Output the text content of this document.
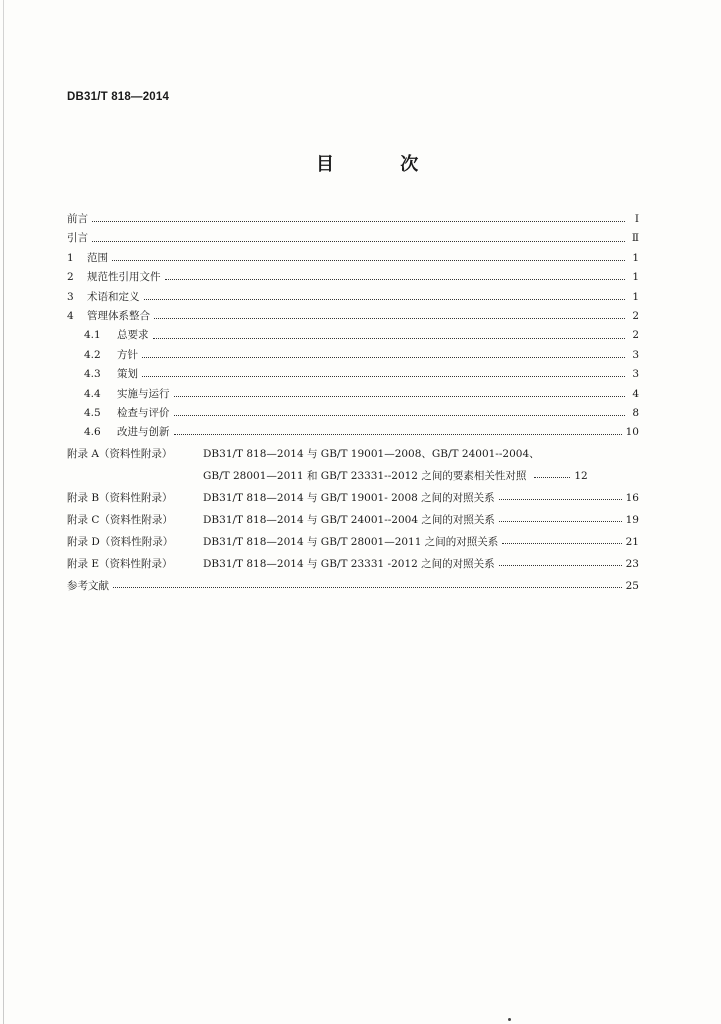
DB31/T 818—2014
目 次
前言	Ⅰ
引言	Ⅱ
1	范围	1
2	规范性引用文件	1
3	术语和定义	1
4	管理体系整合	2
4.1	总要求	2
4.2	方针	3
4.3	策划	3
4.4	实施与运行	4
4.5	检查与评价	8
4.6	改进与创新	10
附录 A（资料性附录）	DB31/T 818—2014 与 GB/T 19001—2008、GB/T 24001--2004、
GB/T 28001—2011 和 GB/T 23331--2012 之间的要素相关性对照	12
附录 B（资料性附录）	DB31/T 818—2014 与 GB/T 19001- 2008 之间的对照关系	16
附录 C（资料性附录）	DB31/T 818—2014 与 GB/T 24001--2004 之间的对照关系	19
附录 D（资料性附录）	DB31/T 818—2014 与 GB/T 28001—2011 之间的对照关系	21
附录 E（资料性附录）	DB31/T 818—2014 与 GB/T 23331 -2012 之间的对照关系	23
参考文献	25
